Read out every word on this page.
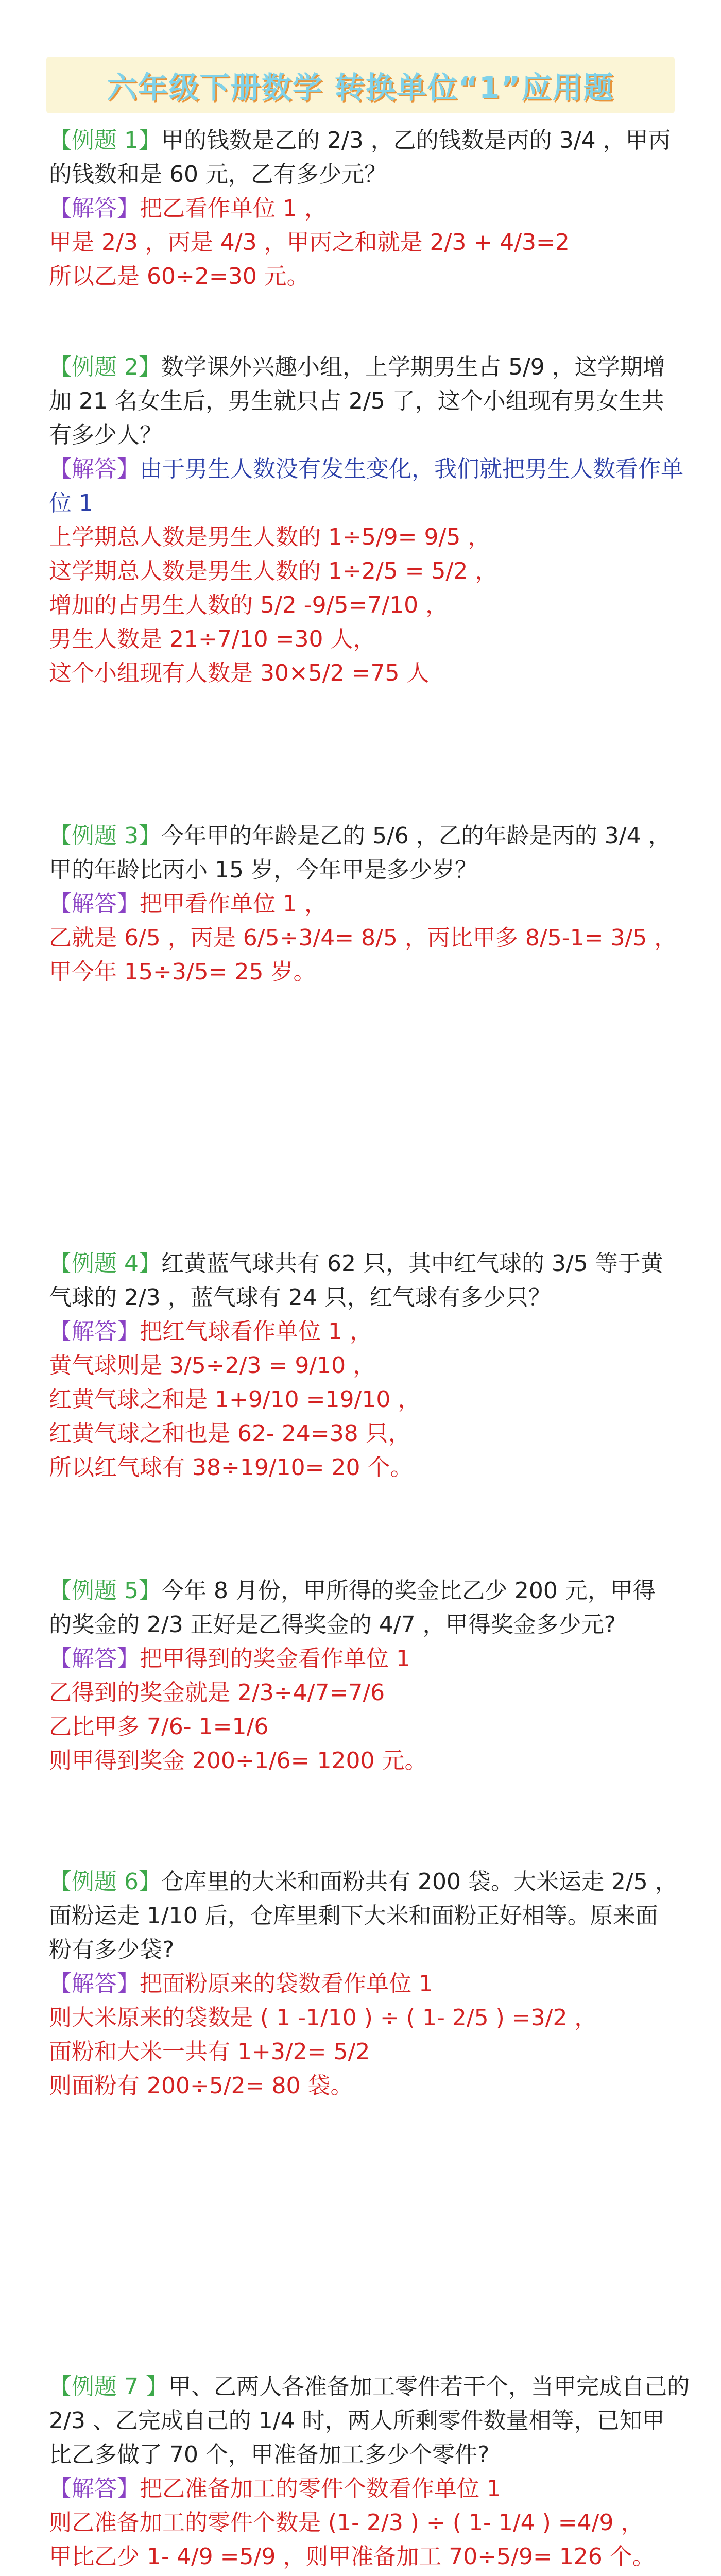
六年级下册数学 转换单位“1”应用题
【例题 1】甲的钱数是乙的 2/3 ，乙的钱数是丙的 3/4 ，甲丙
的钱数和是 60 元，乙有多少元？
【解答】把乙看作单位 1 ，
甲是 2/3 ，丙是 4/3 ，甲丙之和就是 2/3 + 4/3=2
所以乙是 60÷2=30 元。
【例题 2】数学课外兴趣小组，上学期男生占 5/9 ，这学期增
加 21 名女生后，男生就只占 2/5 了，这个小组现有男女生共
有多少人？
【解答】由于男生人数没有发生变化，我们就把男生人数看作单
位 1
上学期总人数是男生人数的 1÷5/9= 9/5 ，
这学期总人数是男生人数的 1÷2/5 = 5/2 ，
增加的占男生人数的 5/2 -9/5=7/10 ，
男生人数是 21÷7/10 =30 人，
这个小组现有人数是 30×5/2 =75 人
【例题 3】今年甲的年龄是乙的 5/6 ，乙的年龄是丙的 3/4 ，
甲的年龄比丙小 15 岁，今年甲是多少岁？
【解答】把甲看作单位 1 ，
乙就是 6/5 ，丙是 6/5÷3/4= 8/5 ，丙比甲多 8/5-1= 3/5 ，
甲今年 15÷3/5= 25 岁。
【例题 4】红黄蓝气球共有 62 只，其中红气球的 3/5 等于黄
气球的 2/3 ，蓝气球有 24 只，红气球有多少只？
【解答】把红气球看作单位 1 ，
黄气球则是 3/5÷2/3 = 9/10 ，
红黄气球之和是 1+9/10 =19/10 ，
红黄气球之和也是 62- 24=38 只，
所以红气球有 38÷19/10= 20 个。
【例题 5】今年 8 月份，甲所得的奖金比乙少 200 元，甲得
的奖金的 2/3 正好是乙得奖金的 4/7 ，甲得奖金多少元?
【解答】把甲得到的奖金看作单位 1
乙得到的奖金就是 2/3÷4/7=7/6
乙比甲多 7/6- 1=1/6
则甲得到奖金 200÷1/6= 1200 元。
【例题 6】仓库里的大米和面粉共有 200 袋。大米运走 2/5 ，
面粉运走 1/10 后，仓库里剩下大米和面粉正好相等。原来面
粉有多少袋?
【解答】把面粉原来的袋数看作单位 1
则大米原来的袋数是 ( 1 -1/10 ) ÷ ( 1- 2/5 ) =3/2 ，
面粉和大米一共有 1+3/2= 5/2
则面粉有 200÷5/2= 80 袋。
【例题 7 】甲、乙两人各准备加工零件若干个，当甲完成自己的
2/3 、乙完成自己的 1/4 时，两人所剩零件数量相等，已知甲
比乙多做了 70 个，甲准备加工多少个零件?
【解答】把乙准备加工的零件个数看作单位 1
则乙准备加工的零件个数是 (1- 2/3 ) ÷ ( 1- 1/4 ) =4/9 ，
甲比乙少 1- 4/9 =5/9 ，则甲准备加工 70÷5/9= 126 个。
